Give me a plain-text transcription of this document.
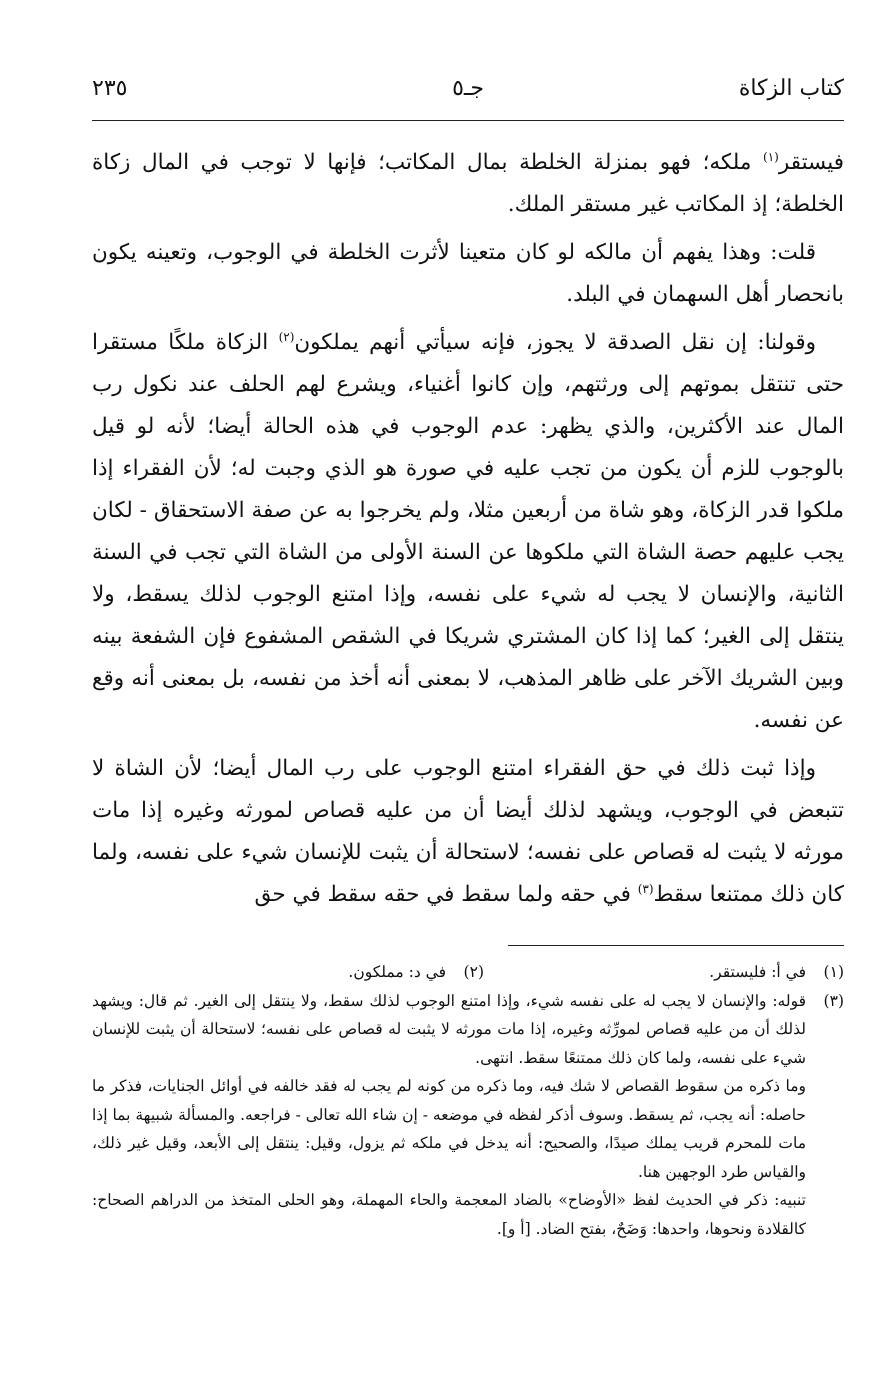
كتاب الزكاة
جـ٥
٢٣٥

فيستقر$^{(١)}$ ملكه؛ فهو بمنزلة الخلطة بمال المكاتب؛ فإنها لا توجب في المال زكاة الخلطة؛ إذ المكاتب غير مستقر الملك.

قلت: وهذا يفهم أن مالكه لو كان متعينا لأثرت الخلطة في الوجوب، وتعينه يكون بانحصار أهل السهمان في البلد.

وقولنا: إن نقل الصدقة لا يجوز، فإنه سيأتي أنهم يملكون$^{(٢)}$ الزكاة ملكًا مستقرا حتى تنتقل بموتهم إلى ورثتهم، وإن كانوا أغنياء، ويشرع لهم الحلف عند نكول رب المال عند الأكثرين، والذي يظهر: عدم الوجوب في هذه الحالة أيضا؛ لأنه لو قيل بالوجوب للزم أن يكون من تجب عليه في صورة هو الذي وجبت له؛ لأن الفقراء إذا ملكوا قدر الزكاة، وهو شاة من أربعين مثلا، ولم يخرجوا به عن صفة الاستحقاق - لكان يجب عليهم حصة الشاة التي ملكوها عن السنة الأولى من الشاة التي تجب في السنة الثانية، والإنسان لا يجب له شيء على نفسه، وإذا امتنع الوجوب لذلك يسقط، ولا ينتقل إلى الغير؛ كما إذا كان المشتري شريكا في الشقص المشفوع فإن الشفعة بينه وبين الشريك الآخر على ظاهر المذهب، لا بمعنى أنه أخذ من نفسه، بل بمعنى أنه وقع عن نفسه.

وإذا ثبت ذلك في حق الفقراء امتنع الوجوب على رب المال أيضا؛ لأن الشاة لا تتبعض في الوجوب، ويشهد لذلك أيضا أن من عليه قصاص لمورثه وغيره إذا مات مورثه لا يثبت له قصاص على نفسه؛ لاستحالة أن يثبت للإنسان شيء على نفسه، ولما كان ذلك ممتنعا سقط$^{(٣)}$ في حقه ولما سقط في حقه سقط في حق

(١)في أ: فليستقر.
(٢)في د: مملكون.

(٣)قوله: والإنسان لا يجب له على نفسه شيء، وإذا امتنع الوجوب لذلك سقط، ولا ينتقل إلى الغير. ثم قال: ويشهد لذلك أن من عليه قصاص لمورِّثه وغيره، إذا مات مورثه لا يثبت له قصاص على نفسه؛ لاستحالة أن يثبت للإنسان شيء على نفسه، ولما كان ذلك ممتنعًا سقط. انتهى.

وما ذكره من سقوط القصاص لا شك فيه، وما ذكره من كونه لم يجب له فقد خالفه في أوائل الجنايات، فذكر ما حاصله: أنه يجب، ثم يسقط. وسوف أذكر لفظه في موضعه - إن شاء الله تعالى - فراجعه. والمسألة شبيهة بما إذا مات للمحرم قريب يملك صيدًا، والصحيح: أنه يدخل في ملكه ثم يزول، وقيل: ينتقل إلى الأبعد، وقيل غير ذلك، والقياس طرد الوجهين هنا.

تنبيه: ذكر في الحديث لفظ «الأوضاح» بالضاد المعجمة والحاء المهملة، وهو الحلى المتخذ من الدراهم الصحاح: كالقلادة ونحوها، واحدها: وَضَحٌ، بفتح الضاد. [أ و].
